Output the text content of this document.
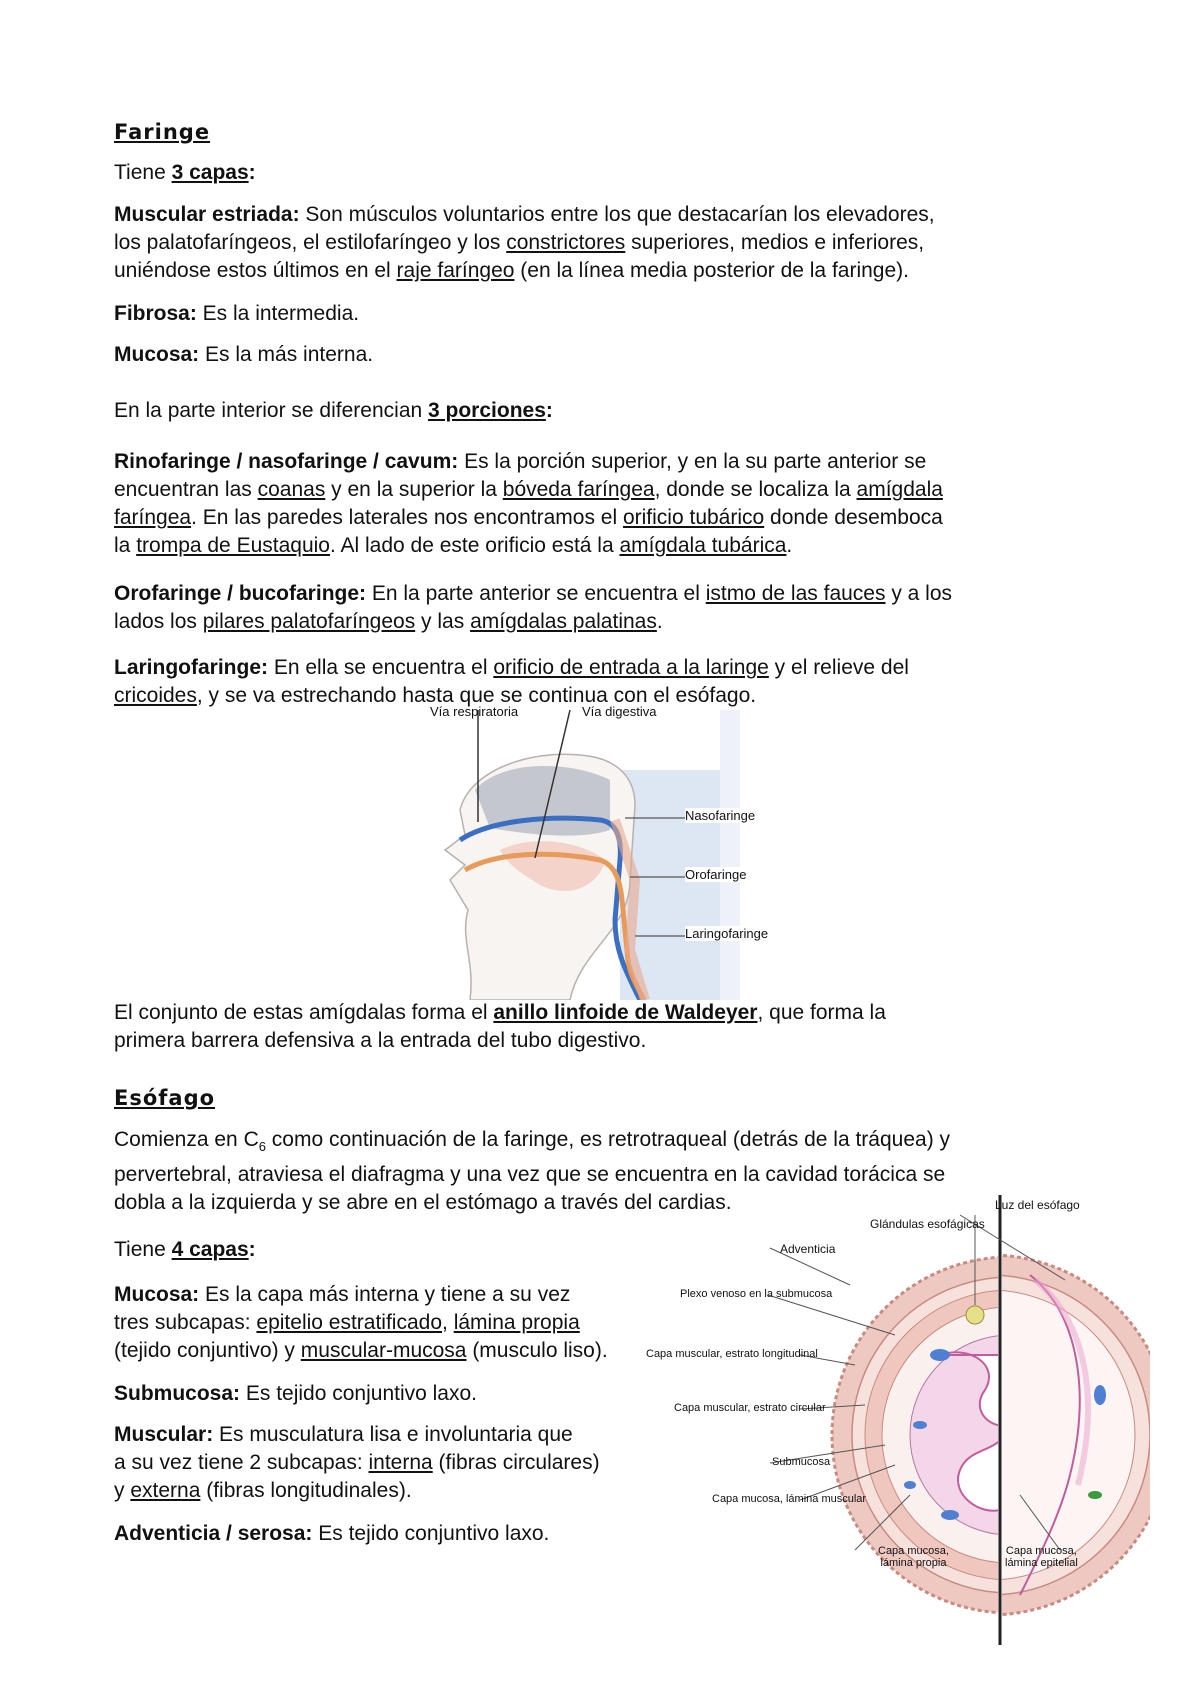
Faringe

Tiene 3 capas:

Muscular estriada: Son músculos voluntarios entre los que destacarían los elevadores,
los palatofaríngeos, el estilofaríngeo y los constrictores superiores, medios e inferiores,
uniéndose estos últimos en el raje faríngeo (en la línea media posterior de la faringe).

Fibrosa: Es la intermedia.

Mucosa: Es la más interna.

En la parte interior se diferencian 3 porciones:

Rinofaringe / nasofaringe / cavum: Es la porción superior, y en la su parte anterior se
encuentran las coanas y en la superior la bóveda faríngea, donde se localiza la amígdala
faríngea. En las paredes laterales nos encontramos el orificio tubárico donde desemboca
la trompa de Eustaquio. Al lado de este orificio está la amígdala tubárica.

Orofaringe / bucofaringe: En la parte anterior se encuentra el istmo de las fauces y a los
lados los pilares palatofaríngeos y las amígdalas palatinas.

Laringofaringe: En ella se encuentra el orificio de entrada a la laringe y el relieve del
cricoides, y se va estrechando hasta que se continua con el esófago.

Vía respiratoria	Vía digestiva
Nasofaringe
Orofaringe
Laringofaringe

El conjunto de estas amígdalas forma el anillo linfoide de Waldeyer, que forma la
primera barrera defensiva a la entrada del tubo digestivo.

Esófago

Comienza en $C_6$ como continuación de la faringe, es retrotraqueal (detrás de la tráquea) y
pervertebral, atraviesa el diafragma y una vez que se encuentra en la cavidad torácica se
dobla a la izquierda y se abre en el estómago a través del cardias.

Tiene 4 capas:

Mucosa: Es la capa más interna y tiene a su vez
tres subcapas: epitelio estratificado, lámina propia
(tejido conjuntivo) y muscular-mucosa (musculo liso).

Submucosa: Es tejido conjuntivo laxo.

Muscular: Es musculatura lisa e involuntaria que
a su vez tiene 2 subcapas: interna (fibras circulares)
y externa (fibras longitudinales).

Adventicia / serosa: Es tejido conjuntivo laxo.

Luz del esófago
Glándulas esofágicas
Adventicia
Plexo venoso en la submucosa
Capa muscular, estrato longitudinal
Capa muscular, estrato circular
Submucosa
Capa mucosa, lámina muscular
Capa mucosa,
lámina propia
Capa mucosa,
lámina epitelial
